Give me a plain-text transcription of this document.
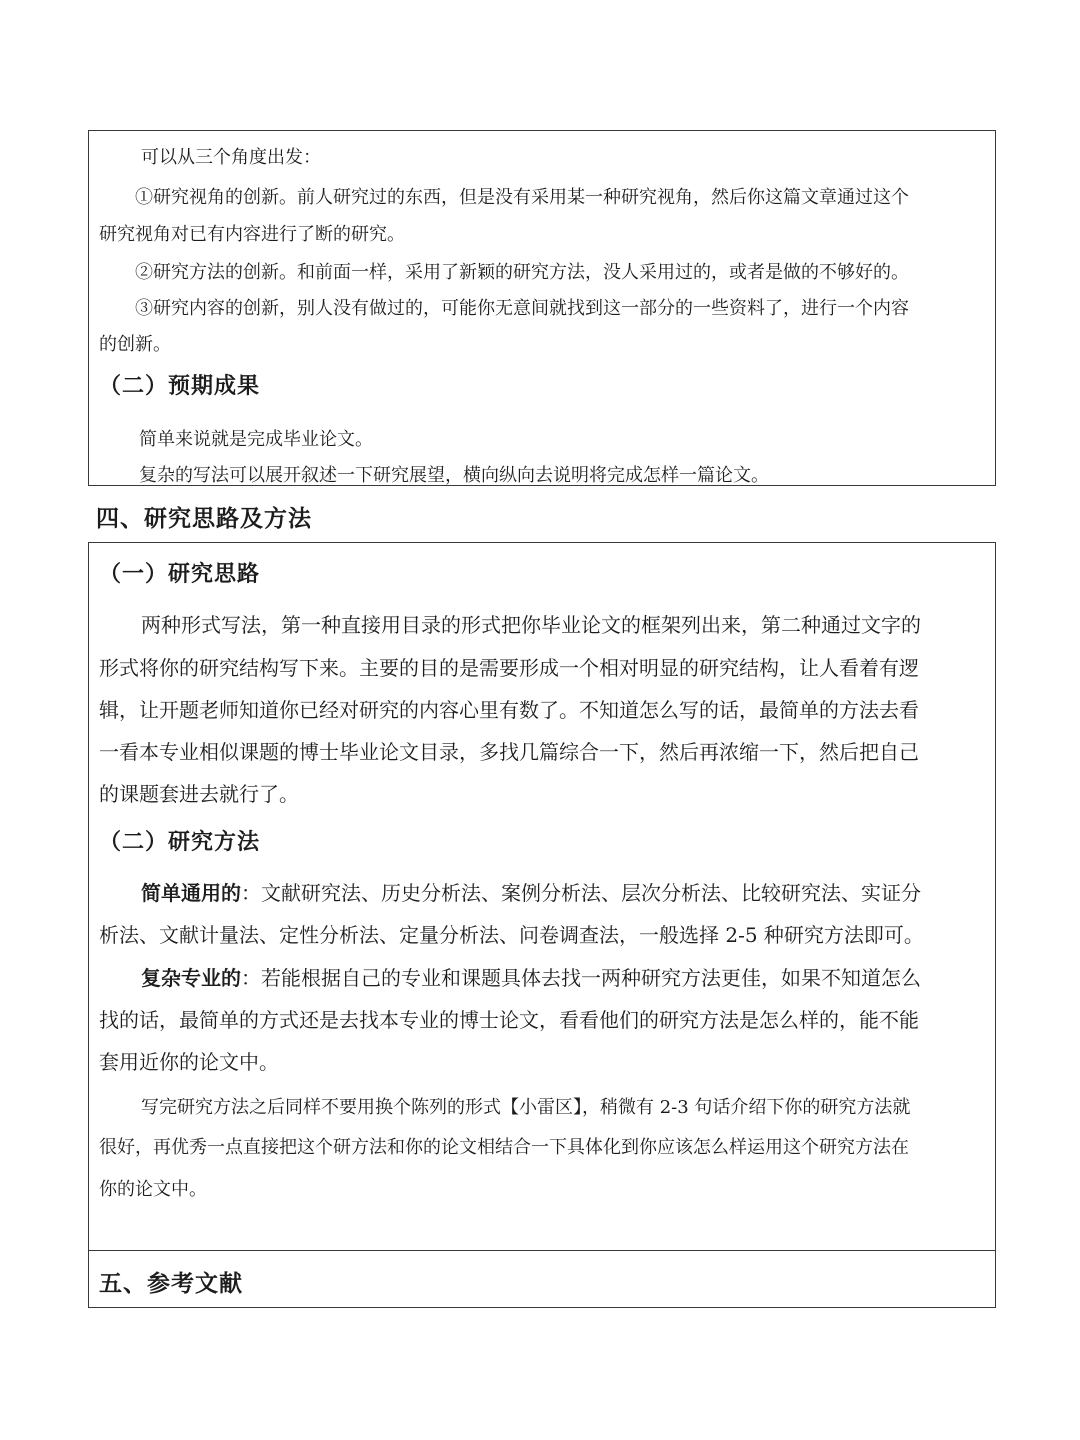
可以从三个角度出发：

①研究视角的创新。前人研究过的东西，但是没有采用某一种研究视角，然后你这篇文章通过这个

研究视角对已有内容进行了断的研究。

②研究方法的创新。和前面一样，采用了新颖的研究方法，没人采用过的，或者是做的不够好的。

③研究内容的创新，别人没有做过的，可能你无意间就找到这一部分的一些资料了，进行一个内容

的创新。

（二）预期成果

简单来说就是完成毕业论文。

复杂的写法可以展开叙述一下研究展望，横向纵向去说明将完成怎样一篇论文。

四、研究思路及方法

（一）研究思路

两种形式写法，第一种直接用目录的形式把你毕业论文的框架列出来，第二种通过文字的

形式将你的研究结构写下来。主要的目的是需要形成一个相对明显的研究结构，让人看着有逻

辑，让开题老师知道你已经对研究的内容心里有数了。不知道怎么写的话，最简单的方法去看

一看本专业相似课题的博士毕业论文目录，多找几篇综合一下，然后再浓缩一下，然后把自己

的课题套进去就行了。

（二）研究方法

简单通用的：文献研究法、历史分析法、案例分析法、层次分析法、比较研究法、实证分

析法、文献计量法、定性分析法、定量分析法、问卷调查法，一般选择 2-5 种研究方法即可。

复杂专业的：若能根据自己的专业和课题具体去找一两种研究方法更佳，如果不知道怎么

找的话，最简单的方式还是去找本专业的博士论文，看看他们的研究方法是怎么样的，能不能

套用近你的论文中。

写完研究方法之后同样不要用换个陈列的形式【小雷区】，稍微有 2-3 句话介绍下你的研究方法就

很好，再优秀一点直接把这个研方法和你的论文相结合一下具体化到你应该怎么样运用这个研究方法在

你的论文中。

五、参考文献
